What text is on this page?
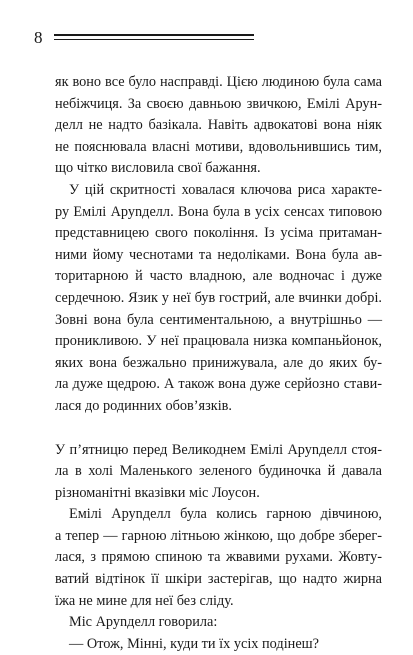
8

як воно все було насправді. Цією людиною була сама

небіжчиця. За своєю давньою звичкою, Емілі Арун-

делл не надто базікала. Навіть адвокатові вона ніяк

не пояснювала власні мотиви, вдовольнившись тим,

що чітко висловила свої бажання.

У цій скритності ховалася ключова риса характе-

ру Емілі Аруnделл. Вона була в усіх сенсах типовою

представницею свого покоління. Із усіма притаман-

ними йому чеснотами та недоліками. Вона була ав-

торитарною й часто владною, але водночас і дуже

сердечною. Язик у неї був гострий, але вчинки добрі.

Зовні вона була сентиментальною, а внутрішньо —

проникливою. У неї працювала низка компаньйонок,

яких вона безжально принижувала, але до яких бу-

ла дуже щедрою. А також вона дуже серйозно стави-

лася до родинних обов’язків.

У п’ятницю перед Великоднем Емілі Аруnделл стоя-

ла в холі Маленького зеленого будиночка й давала

різноманітні вказівки міс Лоусон.

Емілі Аруnделл була колись гарною дівчиною,

а тепер — гарною літньою жінкою, що добре зберег-

лася, з прямою спиною та жвавими рухами. Жовту-

ватий відтінок її шкіри застерігав, що надто жирна

їжа не мине для неї без сліду.

Міс Аруnделл говорила:

— Отож, Мінні, куди ти їх усіх подінеш?
